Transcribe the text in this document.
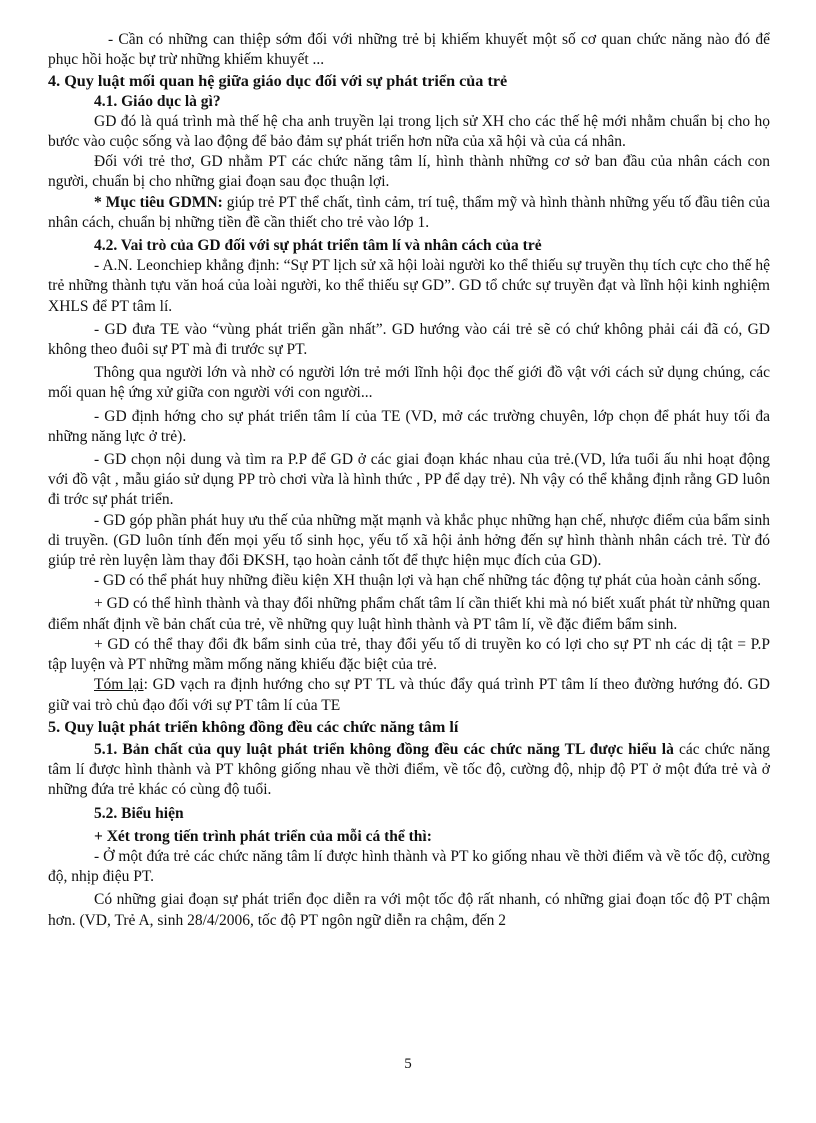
- Cần có những can thiệp sớm đối với những trẻ bị khiếm khuyết một số cơ quan chức năng nào đó để phục hồi hoặc bự trừ những khiếm khuyết ...

4. Quy luật mối quan hệ giữa giáo dục đối với sự phát triển của trẻ

4.1. Giáo dục là gì?

GD đó là quá trình mà thế hệ cha anh truyền lại trong lịch sử XH cho các thế hệ mới nhằm chuẩn bị cho họ bước vào cuộc sống và lao động để bảo đảm sự phát triển hơn nữa của xã hội và của cá nhân.

Đối với trẻ thơ, GD nhằm PT các chức năng tâm lí, hình thành những cơ sở ban đầu của nhân cách con người, chuẩn bị cho những giai đoạn sau đọc thuận lợi.

* Mục tiêu GDMN: giúp trẻ PT thể chất, tình cảm, trí tuệ, thẩm mỹ và hình thành những yếu tố đầu tiên của nhân cách, chuẩn bị những tiền đề cần thiết cho trẻ vào lớp 1.

4.2. Vai trò của GD đối với sự phát triển tâm lí và nhân cách của trẻ

- A.N. Leonchiep khẳng định: “Sự PT lịch sử xã hội loài người ko thể thiếu sự truyền thụ tích cực cho thế hệ trẻ những thành tựu văn hoá của loài người, ko thể thiếu sự GD”. GD tổ chức sự truyền đạt và lĩnh hội kinh nghiệm XHLS để PT tâm lí.

- GD đưa TE vào “vùng phát triển gần nhất”. GD hướng vào cái trẻ sẽ có chứ không phải cái đã có, GD không theo đuôi sự PT mà đi trước sự PT.

Thông qua người lớn và nhờ có người lớn trẻ mới lĩnh hội đọc thế giới đồ vật với cách sử dụng chúng, các mối quan hệ ứng xử giữa con người với con người...

- GD định hớng cho sự phát triển tâm lí của TE (VD, mở các trường chuyên, lớp chọn để phát huy tối đa những năng lực ở trẻ).

- GD chọn nội dung và tìm ra P.P để GD ở các giai đoạn khác nhau của trẻ.(VD, lứa tuổi ấu nhi hoạt động với đồ vật , mẫu giáo sử dụng PP trò chơi vừa là hình thức , PP để dạy trẻ). Nh vậy có thể khẳng định rằng GD luôn đi trớc sự phát triển.

- GD góp phần phát huy ưu thế của những mặt mạnh và khắc phục những hạn chế, nhược điểm của bẩm sinh di truyền. (GD luôn tính đến mọi yếu tố sinh học, yếu tố xã hội ảnh hởng đến sự hình thành nhân cách trẻ. Từ đó giúp trẻ rèn luyện làm thay đổi ĐKSH, tạo hoàn cảnh tốt để thực hiện mục đích của GD).

- GD có thể phát huy những điều kiện XH thuận lợi và hạn chế những tác động tự phát của hoàn cảnh sống.

+ GD có thể hình thành và thay đổi những phẩm chất tâm lí cần thiết khi mà nó biết xuất phát từ những quan điểm nhất định về bản chất của trẻ, về những quy luật hình thành và PT tâm lí, về đặc điểm bẩm sinh.

+ GD có thể thay đổi đk bẩm sinh của trẻ, thay đổi yếu tố di truyền ko có lợi cho sự PT nh các dị tật = P.P tập luyện và PT những mầm mống năng khiếu đặc biệt của trẻ.

Tóm lại: GD vạch ra định hướng cho sự PT TL và thúc đẩy quá trình PT tâm lí theo đường hướng đó. GD giữ vai trò chủ đạo đối với sự PT tâm lí của TE

5. Quy luật phát triển không đồng đều các chức năng tâm lí

5.1. Bản chất của quy luật phát triển không đồng đều các chức năng TL được hiểu là các chức năng tâm lí được hình thành và PT không giống nhau về thời điểm, về tốc độ, cường độ, nhịp độ PT ở một đứa trẻ và ở những đứa trẻ khác có cùng độ tuổi.

5.2. Biểu hiện

+ Xét trong tiến trình phát triển của mỗi cá thể thì:

- Ở một đứa trẻ các chức năng tâm lí được hình thành và PT ko giống nhau về thời điểm và về tốc độ, cường độ, nhịp điệu PT.

Có những giai đoạn sự phát triển đọc diễn ra với một tốc độ rất nhanh, có những giai đoạn tốc độ PT chậm hơn. (VD, Trẻ A, sinh 28/4/2006, tốc độ PT ngôn ngữ diễn ra chậm, đến 2

5
